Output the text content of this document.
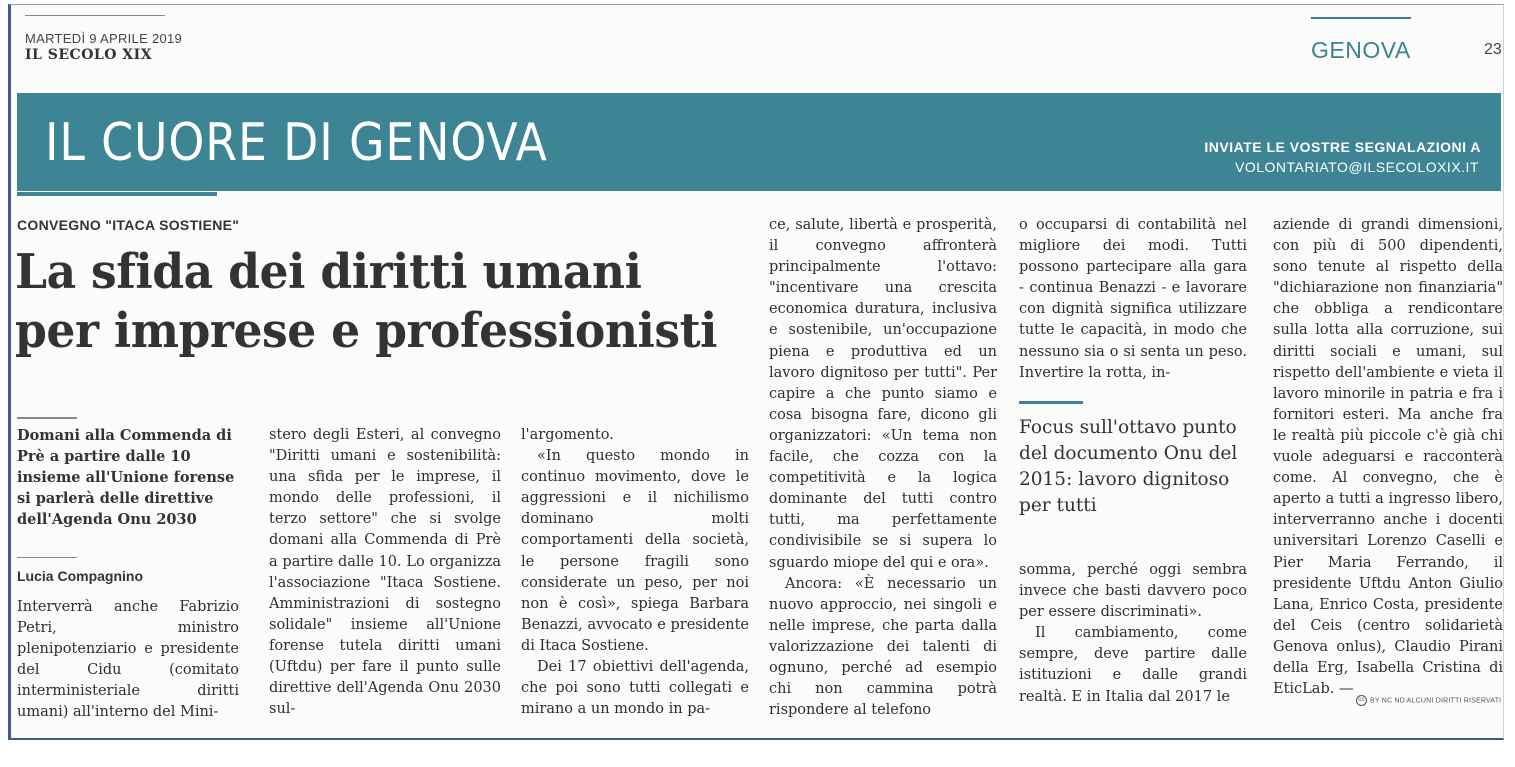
MARTEDÌ 9 APRILE 2019
IL SECOLO XIX	GENOVA	23
IL CUORE DI GENOVA	INVIATE LE VOSTRE SEGNALAZIONI A
VOLONTARIATO@ILSECOLOXIX.IT
CONVEGNO "ITACA SOSTIENE"
La sfida dei diritti umani
per imprese e professionisti
Domani alla Commenda di Prè a partire dalle 10 insieme all'Unione forense si parlerà delle direttive dell'Agenda Onu 2030
Lucia Compagnino

Interverrà anche Fabrizio Petri, ministro plenipotenziario e presidente del Cidu (comitato interministeriale diritti umani) all'interno del Mini-

stero degli Esteri, al convegno "Diritti umani e sostenibilità: una sfida per le imprese, il mondo delle professioni, il terzo settore" che si svolge domani alla Commenda di Prè a partire dalle 10. Lo organizza l'associazione "Itaca Sostiene. Amministrazioni di sostegno solidale" insieme all'Unione forense tutela diritti umani (Uftdu) per fare il punto sulle direttive dell'Agenda Onu 2030 sul-

l'argomento.

«In questo mondo in continuo movimento, dove le aggressioni e il nichilismo dominano molti comportamenti della società, le persone fragili sono considerate un peso, per noi non è così», spiega Barbara Benazzi, avvocato e presidente di Itaca Sostiene.

Dei 17 obiettivi dell'agenda, che poi sono tutti collegati e mirano a un mondo in pa-

ce, salute, libertà e prosperità, il convegno affronterà principalmente l'ottavo: "incentivare una crescita economica duratura, inclusiva e sostenibile, un'occupazione piena e produttiva ed un lavoro dignitoso per tutti". Per capire a che punto siamo e cosa bisogna fare, dicono gli organizzatori: «Un tema non facile, che cozza con la competitività e la logica dominante del tutti contro tutti, ma perfettamente condivisibile se si supera lo sguardo miope del qui e ora».

Ancora: «È necessario un nuovo approccio, nei singoli e nelle imprese, che parta dalla valorizzazione dei talenti di ognuno, perché ad esempio chi non cammina potrà rispondere al telefono

o occuparsi di contabilità nel migliore dei modi. Tutti possono partecipare alla gara - continua Benazzi - e lavorare con dignità significa utilizzare tutte le capacità, in modo che nessuno sia o si senta un peso. Invertire la rotta, in-

Focus sull'ottavo punto del documento Onu del 2015: lavoro dignitoso per tutti

somma, perché oggi sembra invece che basti davvero poco per essere discriminati».

Il cambiamento, come sempre, deve partire dalle istituzioni e dalle grandi realtà. E in Italia dal 2017 le

aziende di grandi dimensioni, con più di 500 dipendenti, sono tenute al rispetto della "dichiarazione non finanziaria" che obbliga a rendicontare sulla lotta alla corruzione, sui diritti sociali e umani, sul rispetto dell'ambiente e vieta il lavoro minorile in patria e fra i fornitori esteri. Ma anche fra le realtà più piccole c'è già chi vuole adeguarsi e racconterà come. Al convegno, che è aperto a tutti a ingresso libero, interverranno anche i docenti universitari Lorenzo Caselli e Pier Maria Ferrando, il presidente Uftdu Anton Giulio Lana, Enrico Costa, presidente del Ceis (centro solidarietà Genova onlus), Claudio Pirani della Erg, Isabella Cristina di EticLab. —

cc BY NC ND ALCUNI DIRITTI RISERVATI
